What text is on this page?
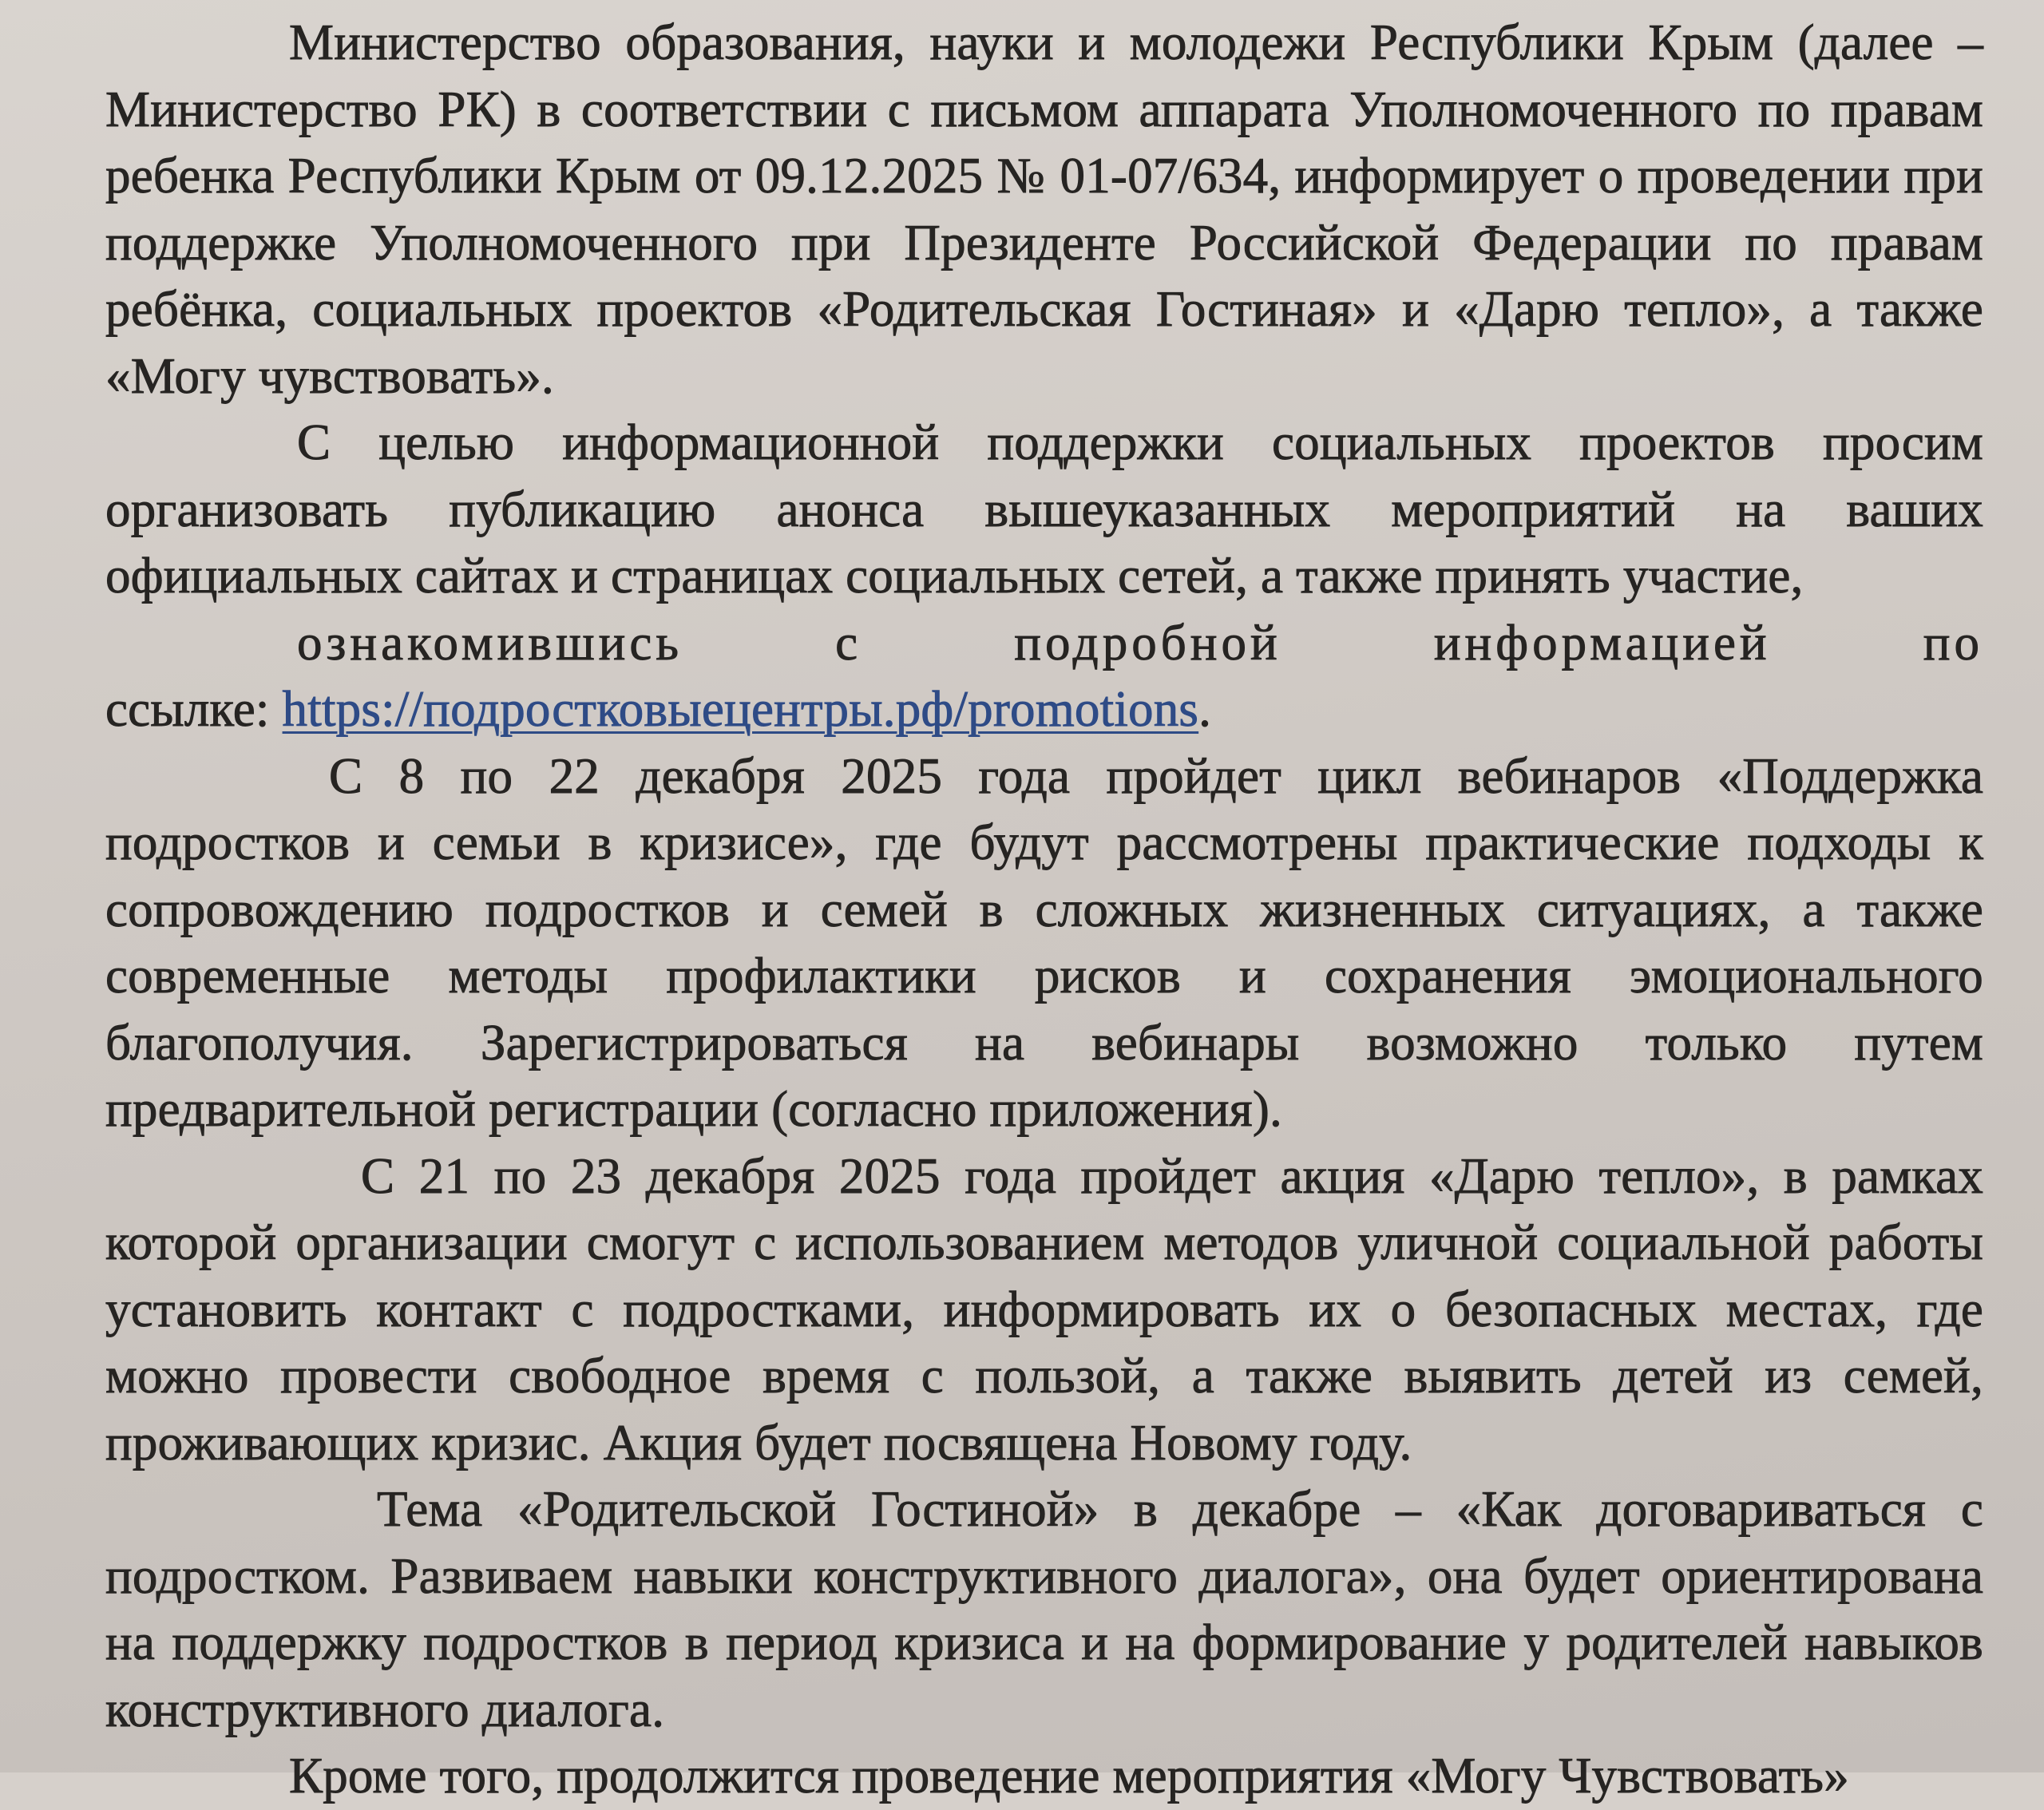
Министерство образования, науки и молодежи Республики Крым (далее – Министерство РК) в соответствии с письмом аппарата Уполномоченного по правам ребенка Республики Крым от 09.12.2025 № 01-07/634, информирует о проведении при поддержке Уполномоченного при Президенте Российской Федерации по правам ребёнка, социальных проектов «Родительская Гостиная» и «Дарю тепло», а также «Могу чувствовать».

С целью информационной поддержки социальных проектов просим организовать публикацию анонса вышеуказанных мероприятий на ваших официальных сайтах и страницах социальных сетей, а также принять участие,
ознакомившись с подробной информацией по
ссылке: https://подростковыецентры.рф/promotions.

С 8 по 22 декабря 2025 года пройдет цикл вебинаров «Поддержка подростков и семьи в кризисе», где будут рассмотрены практические подходы к сопровождению подростков и семей в сложных жизненных ситуациях, а также современные методы профилактики рисков и сохранения эмоционального благополучия. Зарегистрироваться на вебинары возможно только путем предварительной регистрации (согласно приложения).

С 21 по 23 декабря 2025 года пройдет акция «Дарю тепло», в рамках которой организации смогут с использованием методов уличной социальной работы установить контакт с подростками, информировать их о безопасных местах, где можно провести свободное время с пользой, а также выявить детей из семей, проживающих кризис. Акция будет посвящена Новому году.

Тема «Родительской Гостиной» в декабре – «Как договариваться с подростком. Развиваем навыки конструктивного диалога», она будет ориентирована на поддержку подростков в период кризиса и на формирование у родителей навыков конструктивного диалога.

Кроме того, продолжится проведение мероприятия «Могу Чувствовать»
